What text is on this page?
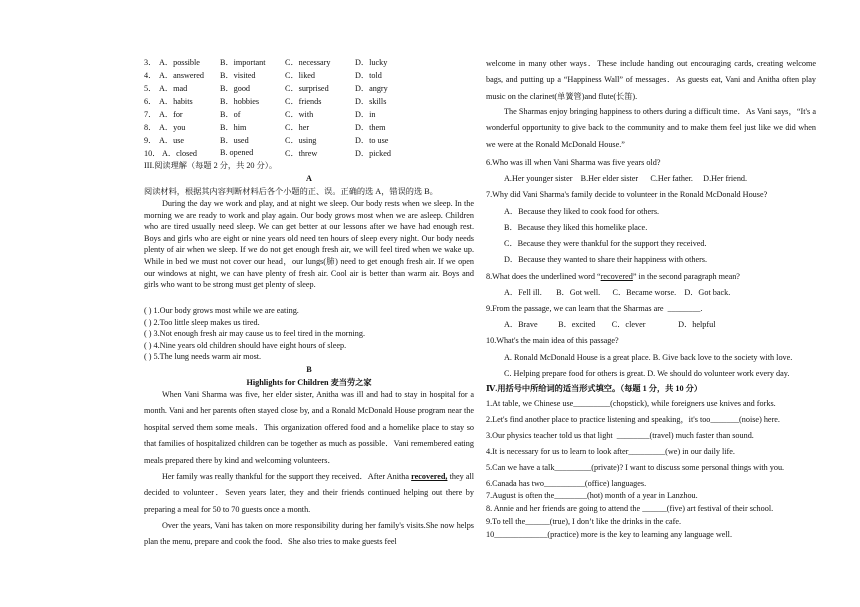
3． A．possible B．important C．necessary	D．lucky
4． A．answered B．visited	C．liked	D．told
5． A．mad	B．good	C．surprised	D．angry
6． A．habits	B．hobbies	C．friends	D．skills
7． A．for	B．of	C．with	D．in
8． A．you	B．him	C．her	D．them
9． A．use	B．used	C．using	D．to use
10． A．closed	B. opened	C．threw	D．picked
III.阅读理解（每题 2 分，共 20 分）。
A
阅读材料，根据其内容判断材料后各个小题的正、误。正确的选 A，错误的选 B。
During the day we work and play, and at night we sleep. Our body rests when we sleep. In the morning we are ready to work and play again. Our body grows most when we are asleep. Children who are tired usually need sleep. We can get better at our lessons after we have had enough rest. Boys and girls who are eight or nine years old need ten hours of sleep every night. Our body needs plenty of air when we sleep. If we do not get enough fresh air, we will feel tired when we wake up. While in bed we must not cover our head，our lungs(肺) need to get enough fresh air. If we open our windows at night, we can have plenty of fresh air. Cool air is better than warm air. Boys and girls who want to be strong must get plenty of sleep.
( ) 1.Our body grows most while we are eating.
( ) 2.Too little sleep makes us tired.
( ) 3.Not enough fresh air may cause us to feel tired in the morning.
( ) 4.Nine years old children should have eight hours of sleep.
( ) 5.The lung needs warm air most.
B
Highlights for Children 麦当劳之家
When Vani Sharma was five, her elder sister, Anitha was ill and had to stay in hospital for a month. Vani and her parents often stayed close by, and a Ronald McDonald House program near the hospital served them some meals．This organization offered food and a homelike place to stay so that families of hospitalized children can be together as much as possible．Vani remembered eating meals prepared there by kind and welcoming volunteers．
Her family was really thankful for the support they received．After Anitha recovered, they all decided to volunteer．Seven years later, they and their friends continued helping out there by preparing a meal for 50 to 70 guests once a month.
Over the years, Vani has taken on more responsibility during her family's visits.She now helps plan the menu, prepare and cook the food．She also tries to make guests feel
welcome in many other ways．These include handing out encouraging cards, creating welcome bags, and putting up a “Happiness Wall” of messages．As guests eat, Vani and Anitha often play music on the clarinet(单簧管)and flute(长笛).
The Sharmas enjoy bringing happiness to others during a difficult time．As Vani says，“It's a wonderful opportunity to give back to the community and to make them feel just like we did when we were at the Ronald McDonald House.”
6.Who was ill when Vani Sharma was five years old?
A.Her younger sister    B.Her elder sister      C.Her father.     D.Her friend.
7.Why did Vani Sharma's family decide to volunteer in the Ronald McDonald House?
A．Because they liked to cook food for others.
B．Because they liked this homelike place.
C．Because they were thankful for the support they received.
D．Because they wanted to share their happiness with others.
8.What does the underlined word “recovered” in the second paragraph mean?
A．Fell ill.       B．Got well.      C．Became worse.    D．Got back.
9.From the passage, we can learn that the Sharmas are  ________.
A．Brave          B．excited        C．clever                D．helpful
10.What's the main idea of this passage?
A. Ronald McDonald House is a great place. B. Give back love to the society with love.
C. Helping prepare food for others is great. D. We should do volunteer work every day.
Ⅳ.用括号中所给词的适当形式填空。（每题 1 分，共 10 分）
1.At table, we Chinese use_________(chopstick), while foreigners use knives and forks.
2.Let's find another place to practice listening and speaking，it's too_______(noise) here.
3.Our physics teacher told us that light  ________(travel) much faster than sound.
4.It is necessary for us to learn to look after_________(we) in our daily life.
5.Can we have a talk_________(private)? I want to discuss some personal things with you.
6.Canada has two__________(office) languages.
7.August is often the________(hot) month of a year in Lanzhou.
8. Annie and her friends are going to attend the ______(five) art festival of their school.
9.To tell the______(true), I don’t like the drinks in the cafe.
10_____________(practice) more is the key to learning any language well.
